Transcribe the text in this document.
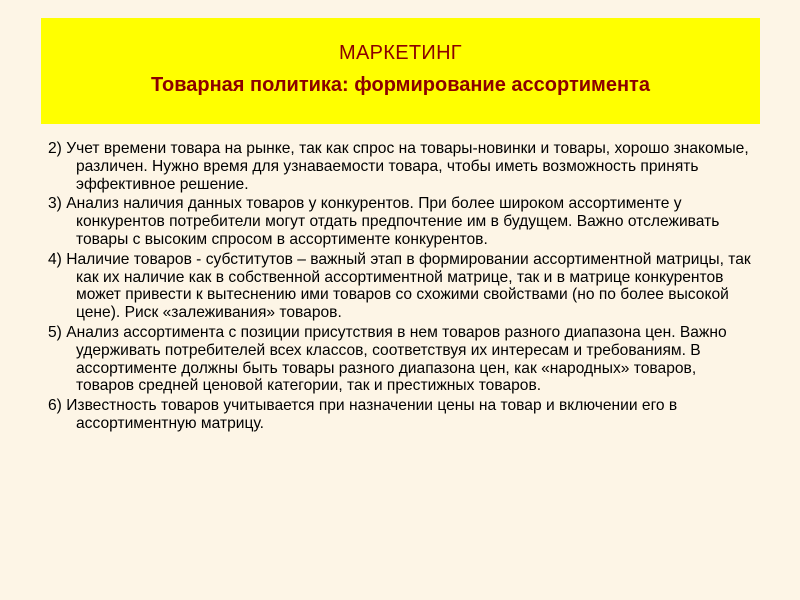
МАРКЕТИНГ
Товарная политика: формирование ассортимента

2) Учет времени товара на рынке, так как спрос на товары-новинки и товары, хорошо знакомые, различен. Нужно время для узнаваемости товара, чтобы иметь возможность принять эффективное решение.

3) Анализ наличия данных товаров у конкурентов. При более широком ассортименте у конкурентов потребители могут отдать предпочтение им в будущем. Важно отслеживать товары с высоким спросом в ассортименте конкурентов.

4) Наличие товаров - субститутов – важный этап в формировании ассортиментной матрицы, так как их наличие как в собственной ассортиментной матрице, так и в матрице конкурентов может привести к вытеснению ими товаров со схожими свойствами (но по более высокой цене). Риск «залеживания» товаров.

5) Анализ ассортимента с позиции присутствия в нем товаров разного диапазона цен. Важно удерживать потребителей всех классов, соответствуя их интересам и требованиям. В ассортименте должны быть товары разного диапазона цен, как «народных» товаров, товаров средней ценовой категории, так и престижных товаров.

6) Известность товаров учитывается при назначении цены на товар и включении его в ассортиментную матрицу.
